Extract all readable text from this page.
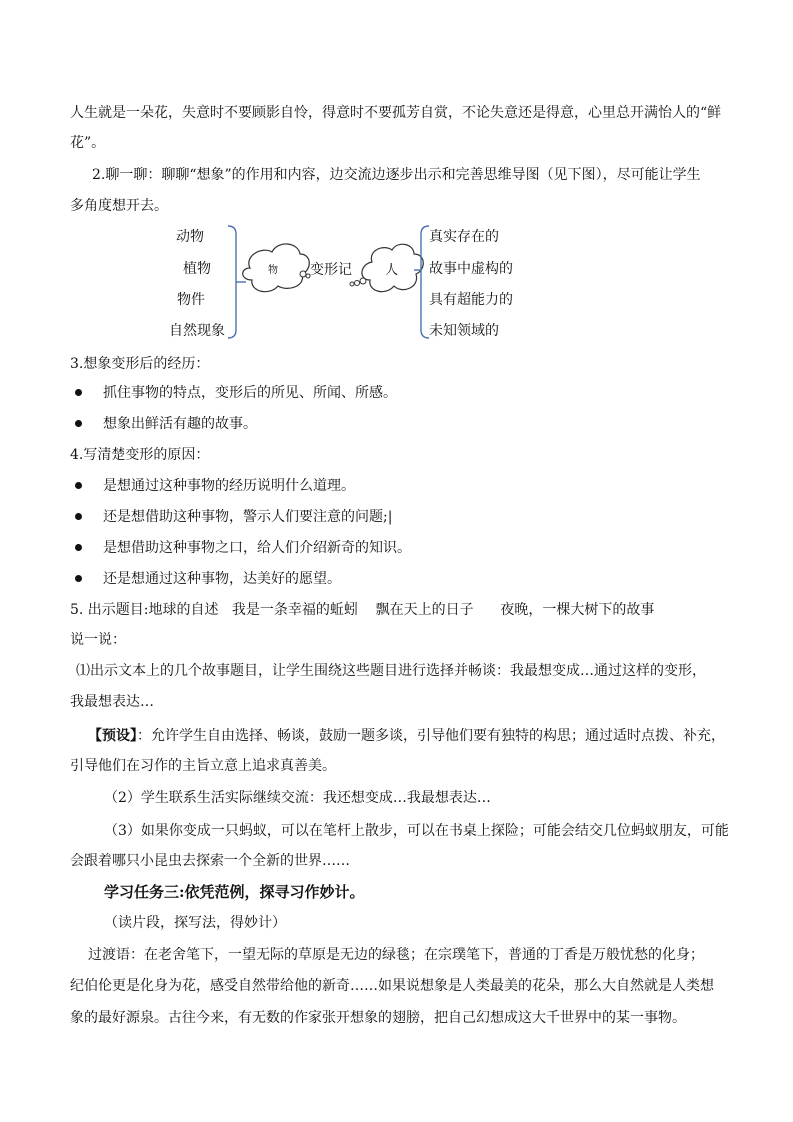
人生就是一朵花，失意时不要顾影自怜，得意时不要孤芳自赏，不论失意还是得意，心里总开满怡人的“鲜
花”。
2.聊一聊：聊聊“想象”的作用和内容，边交流边逐步出示和完善思维导图（见下图），尽可能让学生
多角度想开去。
动物
植物
物件
自然现象
物 变形记	人
真实存在的
故事中虚构的
具有超能力的
未知领域的
3.想象变形后的经历：
抓住事物的特点，变形后的所见、所闻、所感。
想象出鲜活有趣的故事。
4.写清楚变形的原因：
是想通过这种事物的经历说明什么道理。
还是想借助这种事物，警示人们要注意的问题;|
是想借助这种事物之口，给人们介绍新奇的知识。
还是想通过这种事物，达美好的愿望。
5. 出示题目:地球的自述   我是一条幸福的蚯蚓    飘在天上的日子      夜晚，一棵大树下的故事
说一说：
⑴出示文本上的几个故事题目，让学生围绕这些题目进行选择并畅谈：我最想变成…通过这样的变形，
我最想表达…
【预设】：允许学生自由选择、畅谈，鼓励一题多谈，引导他们要有独特的构思；通过适时点拨、补充，
引导他们在习作的主旨立意上追求真善美。
（2）学生联系生活实际继续交流：我还想变成…我最想表达…
（3）如果你变成一只蚂蚁，可以在笔杆上散步，可以在书桌上探险；可能会结交几位蚂蚁朋友，可能
会跟着哪只小昆虫去探索一个全新的世界……
学习任务三:依凭范例，探寻习作妙计。
（读片段，探写法，得妙计）
过渡语：在老舍笔下，一望无际的草原是无边的绿毯；在宗璞笔下，普通的丁香是万般忧愁的化身；
纪伯伦更是化身为花，感受自然带给他的新奇……如果说想象是人类最美的花朵，那么大自然就是人类想
象的最好源泉。古往今来，有无数的作家张开想象的翅膀，把自己幻想成这大千世界中的某一事物。
